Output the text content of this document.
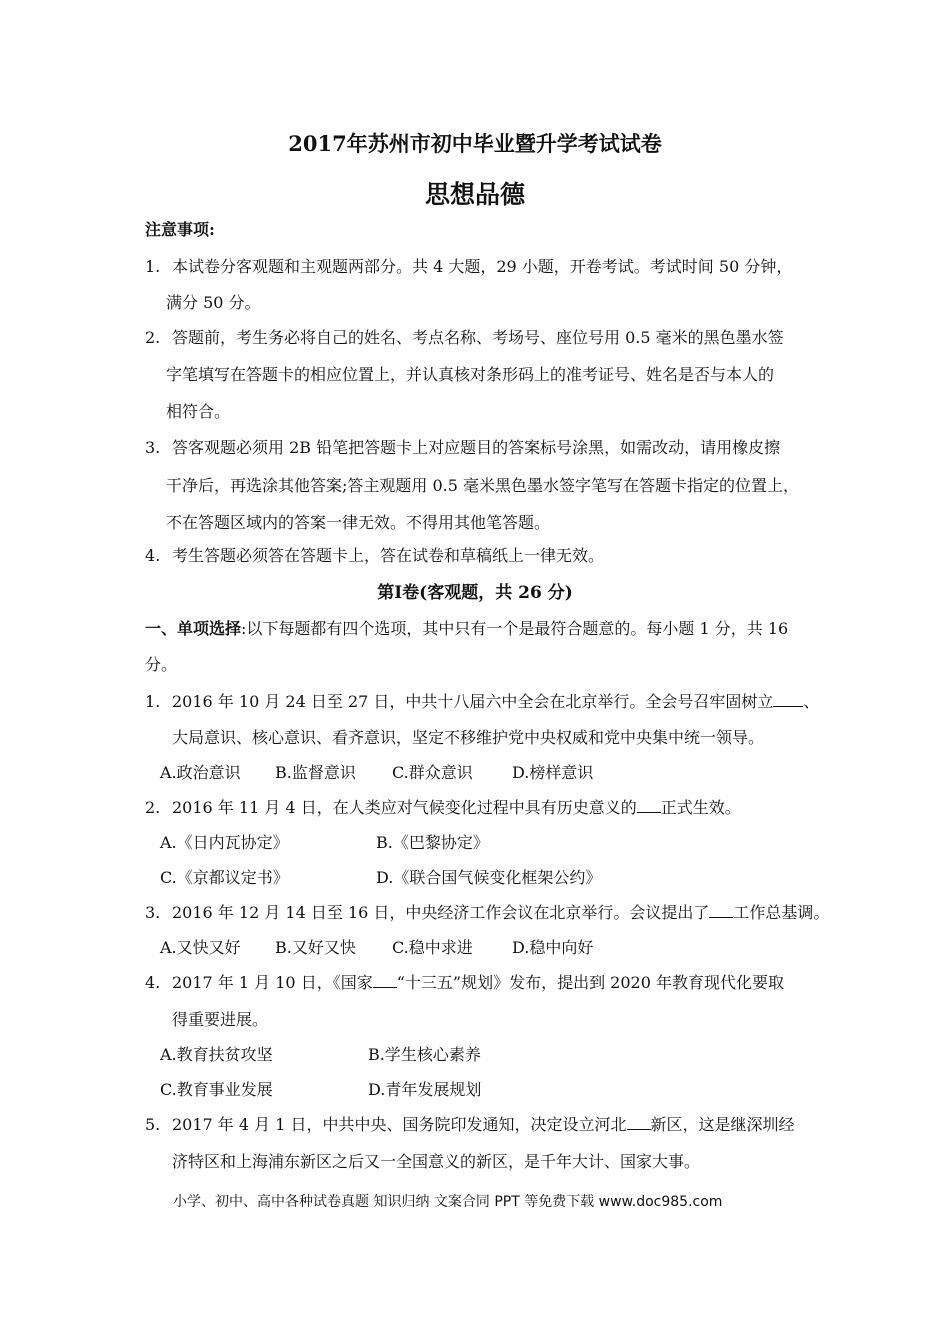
2017年苏州市初中毕业暨升学考试试卷
思想品德
注意事项:
1. 本试卷分客观题和主观题两部分。共 4 大题，29 小题，开卷考试。考试时间 50 分钟，
满分 50 分。
2. 答题前，考生务必将自己的姓名、考点名称、考场号、座位号用 0.5 毫米的黑色墨水签
字笔填写在答题卡的相应位置上，并认真核对条形码上的准考证号、姓名是否与本人的
相符合。
3. 答客观题必须用 2B 铅笔把答题卡上对应题目的答案标号涂黑，如需改动，请用橡皮擦
干净后，再选涂其他答案;答主观题用 0.5 毫米黑色墨水签字笔写在答题卡指定的位置上，
不在答题区域内的答案一律无效。不得用其他笔答题。
4. 考生答题必须答在答题卡上，答在试卷和草稿纸上一律无效。
第Ⅰ卷(客观题，共 26 分)
一、单项选择:以下每题都有四个选项，其中只有一个是最符合题意的。每小题 1 分，共 16
分。
1. 2016 年 10 月 24 日至 27 日，中共十八届六中全会在北京举行。全会号召牢固树立 、
大局意识、核心意识、看齐意识，坚定不移维护党中央权威和党中央集中统一领导。
A.政治意识 B.监督意识 C.群众意识 D.榜样意识
2. 2016 年 11 月 4 日，在人类应对气候变化过程中具有历史意义的 正式生效。
A.《日内瓦协定》	B.《巴黎协定》
C.《京都议定书》	D.《联合国气候变化框架公约》
3. 2016 年 12 月 14 日至 16 日，中央经济工作会议在北京举行。会议提出了 工作总基调。
A.又快又好 B.又好又快 C.稳中求进 D.稳中向好
4. 2017 年 1 月 10 日，《国家 “十三五”规划》发布，提出到 2020 年教育现代化要取
得重要进展。
A.教育扶贫攻坚	B.学生核心素养
C.教育事业发展	D.青年发展规划
5. 2017 年 4 月 1 日，中共中央、国务院印发通知，决定设立河北 新区，这是继深圳经
济特区和上海浦东新区之后又一全国意义的新区，是千年大计、国家大事。
小学、初中、高中各种试卷真题 知识归纳 文案合同 PPT 等免费下载 www.doc985.com
